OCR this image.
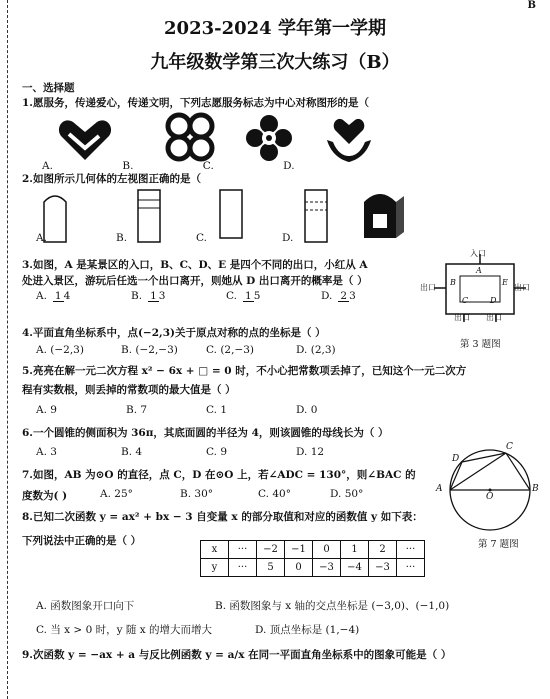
B
2023-2024 学年第一学期
九年级数学第三次大练习（B）
一、选择题
1.愿服务，传递爱心，传递文明，下列志愿服务标志为中心对称图形的是（
A.	B.	C.	D.
2.如图所示几何体的左视图正确的是（
A.	B.	C.	D.
3.如图，A 是某景区的入口，B、C、D、E 是四个不同的出口，小红从 A
处进入景区，游玩后任选一个出口离开，则她从 D 出口离开的概率是（ ）
A. 1 4	B. 1 3	C. 1 5	D. 2 3
入口
A
B
C	D
E
出口	出口
出口 出口
第 3 题图
4.平面直角坐标系中，点(−2,3)关于原点对称的点的坐标是（ ）
A. (−2,3)	B. (−2,−3)	C. (2,−3)	D. (2,3)
5.亮亮在解一元二次方程 x² − 6x + □ = 0 时，不小心把常数项丢掉了，已知这个一元二次方
程有实数根，则丢掉的常数项的最大值是（ ）
A. 9	B. 7	C. 1	D. 0
6.一个圆锥的侧面积为 36π，其底面圆的半径为 4，则该圆锥的母线长为（ ）
A. 3	B. 4	C. 9	D. 12
7.如图，AB 为⊙O 的直径，点 C，D 在⊙O 上，若∠ADC = 130°，则∠BAC 的
度数为( )	A. 25°	B. 30°	C. 40°	D. 50°	A	B
C
D
O
第 7 题图
8.已知二次函数 y = ax² + bx − 3 自变量 x 的部分取值和对应的函数值 y 如下表：
下列说法中正确的是（ ）
x	···	−2	−1	0	1	2	···
y	···	5	0	−3	−4	−3	···
A. 函数图象开口向下	B. 函数图象与 x 轴的交点坐标是 (−3,0)、(−1,0)
C. 当 x > 0 时，y 随 x 的增大而增大	D. 顶点坐标是 (1,−4)
9.次函数 y = −ax + a 与反比例函数 y = a/x 在同一平面直角坐标系中的图象可能是（ ）
